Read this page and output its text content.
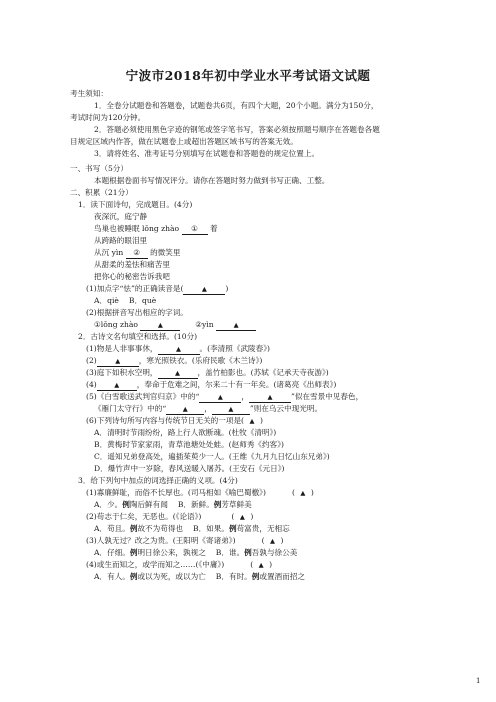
宁波市2018年初中学业水平考试语文试题
考生须知：
1．全卷分试题卷和答题卷，试题卷共6页，有四个大题，20个小题。满分为150分，
考试时间为120分钟。
2．答题必须使用黑色字迹的钢笔或签字笔书写，答案必须按照题号顺序在答题卷各题
目规定区域内作答，做在试题卷上或超出答题区域书写的答案无效。
3．请将姓名、准考证号分别填写在试题卷和答题卷的规定位置上。
一、书写（5分）
本题根据卷面书写情况评分。请你在答题时努力做到书写正确、工整。
二、积累（21分）
1．读下面诗句，完成题目。(4分)
夜深沉，庭宁静
鸟巢也被睡眠 lǒng zhào ① 着
从跨路的眼泪里
从沉 yìn ② 的微笑里
从甜柔的羞怯和痛苦里
把你心的秘密告诉我吧
(1)加点字“怯”的正确读音是(	▲ )
A．qiè　 B．què
(2)根据拼音写出相应的字词。
①lǒng zhào	▲	②yìn	▲
2．古诗文名句填空和选择。(10分)
(1)物是人非事事休，	▲ 。(李清照《武陵春》)
(2)	▲ ，寒光照铁衣。(乐府民歌《木兰诗》)
(3)庭下如积水空明，	▲ ，盖竹柏影也。(苏轼《记承天寺夜游》)
(4)	▲ ，奉命于危难之间，尔来二十有一年矣。(诸葛亮《出师表》)
(5)《白雪歌送武判官归京》中的“	▲ ，	▲ ”似在雪景中见春色，
《雁门太守行》中的“	▲ ，	▲ ”则在乌云中现光明。
(6)下列诗句所写内容与传统节日无关的一项是( ▲ )
A．清明时节雨纷纷，路上行人欲断魂。(杜牧《清明》)
B．黄梅时节家家雨，青草池塘处处蛙。(赵师秀《约客》)
C．遥知兄弟登高处，遍插茱萸少一人。(王维《九月九日忆山东兄弟》)
D．爆竹声中一岁除，春风送暖入屠苏。(王安石《元日》)
3．给下列句中加点的词选择正确的义项。(4分)
(1)寡廉鲜耻，而俗不长厚也。(司马相如《喻巴蜀檄》)	( ▲ )
A．少。例陶后鲜有闻　 B．新鲜。例芳草鲜美
(2)苟志于仁矣，无恶也。(《论语》)	( ▲ )
A．苟且。例故不为苟得也　 B．如果。例苟富贵，无相忘
(3)人孰无过？改之为贵。(王阳明《寄诸弟》)	( ▲ )
A．仔细。例明日徐公来，孰视之　 B．谁。例吾孰与徐公美
(4)或生而知之，或学而知之……(《中庸》)	( ▲ )
A．有人。例或以为死，或以为亡　 B．有时。例或置酒而招之
1
